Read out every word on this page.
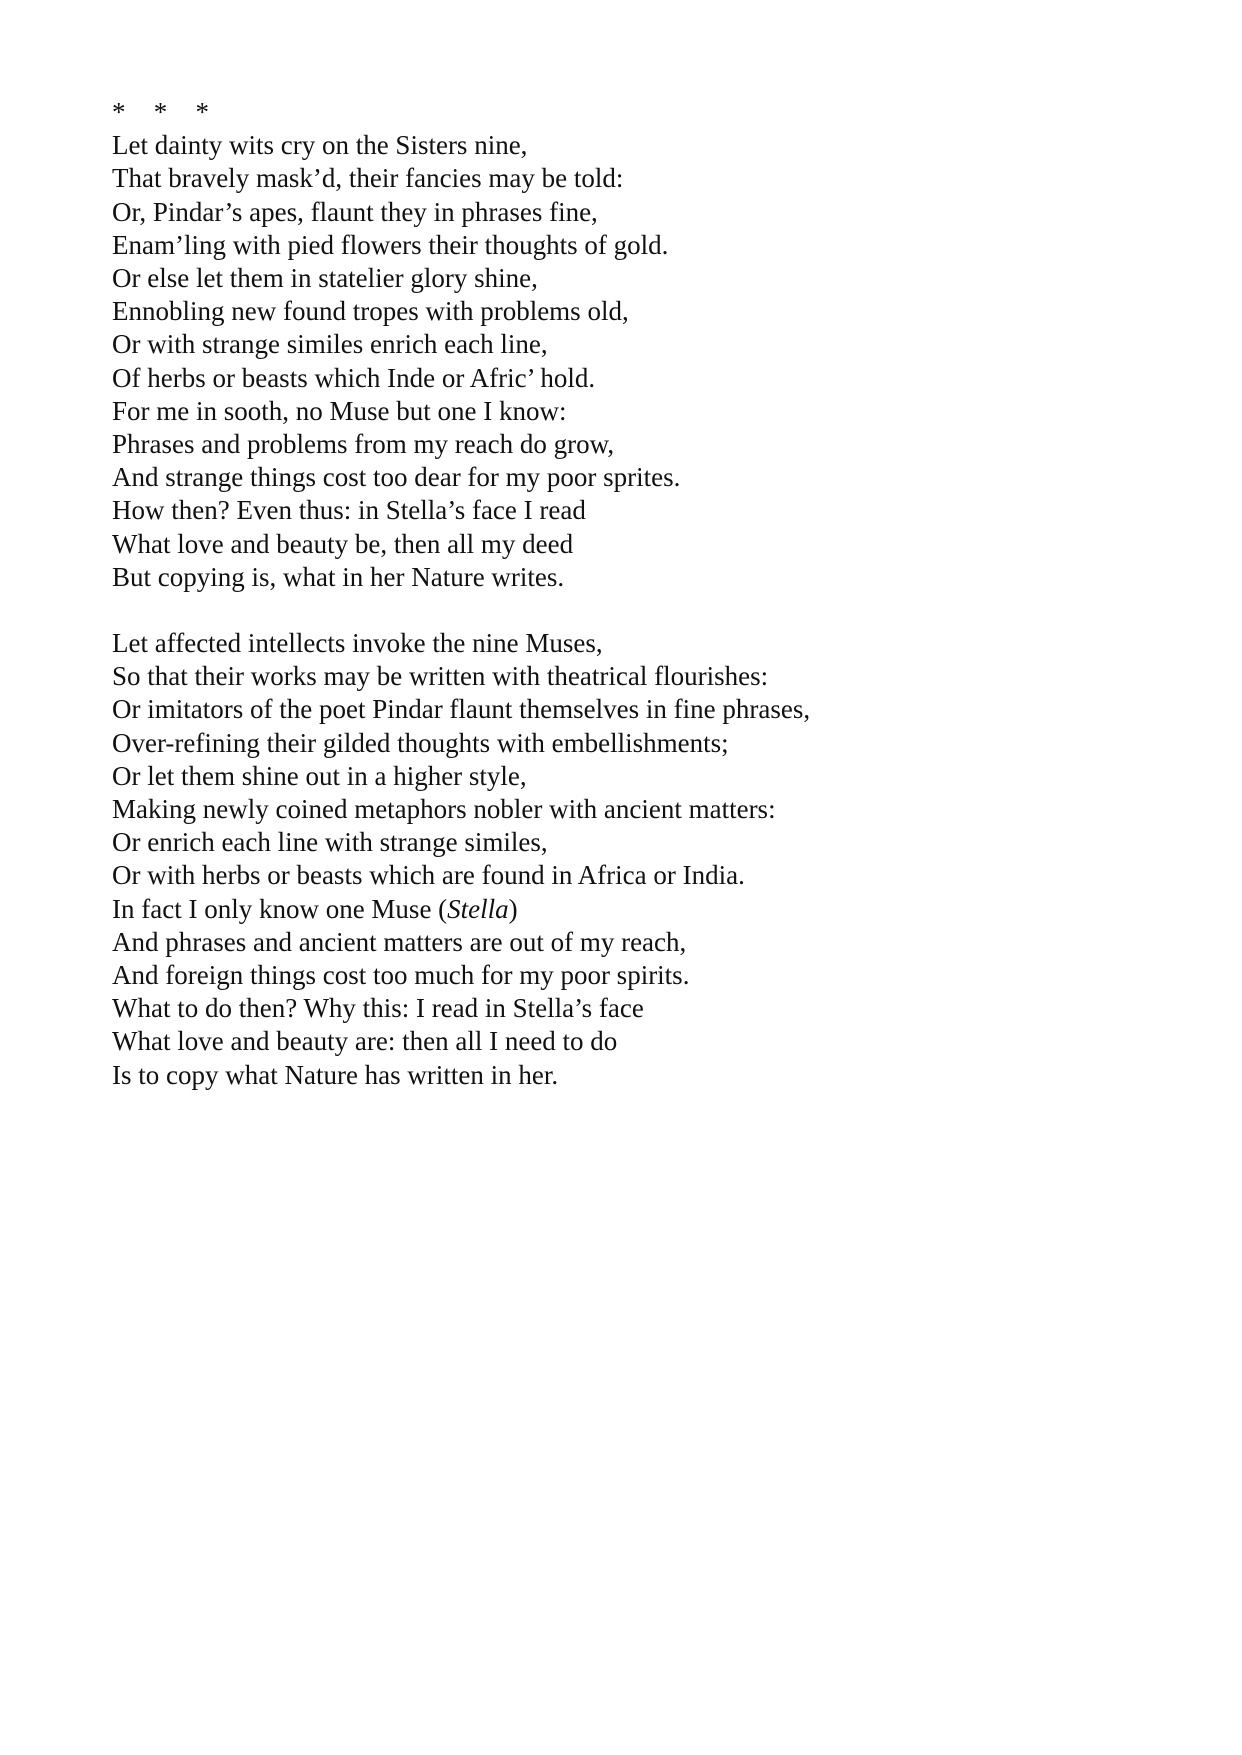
*   *   *
Let dainty wits cry on the Sisters nine,
That bravely mask’d, their fancies may be told:
Or, Pindar’s apes, flaunt they in phrases fine,
Enam’ling with pied flowers their thoughts of gold.
Or else let them in statelier glory shine,
Ennobling new found tropes with problems old,
Or with strange similes enrich each line,
Of herbs or beasts which Inde or Afric’ hold.
For me in sooth, no Muse but one I know:
Phrases and problems from my reach do grow,
And strange things cost too dear for my poor sprites.
How then? Even thus: in Stella’s face I read
What love and beauty be, then all my deed
But copying is, what in her Nature writes.
Let affected intellects invoke the nine Muses,
So that their works may be written with theatrical flourishes:
Or imitators of the poet Pindar flaunt themselves in fine phrases,
Over-refining their gilded thoughts with embellishments;
Or let them shine out in a higher style,
Making newly coined metaphors nobler with ancient matters:
Or enrich each line with strange similes,
Or with herbs or beasts which are found in Africa or India.
In fact I only know one Muse (Stella)
And phrases and ancient matters are out of my reach,
And foreign things cost too much for my poor spirits.
What to do then? Why this: I read in Stella’s face
What love and beauty are: then all I need to do
Is to copy what Nature has written in her.
